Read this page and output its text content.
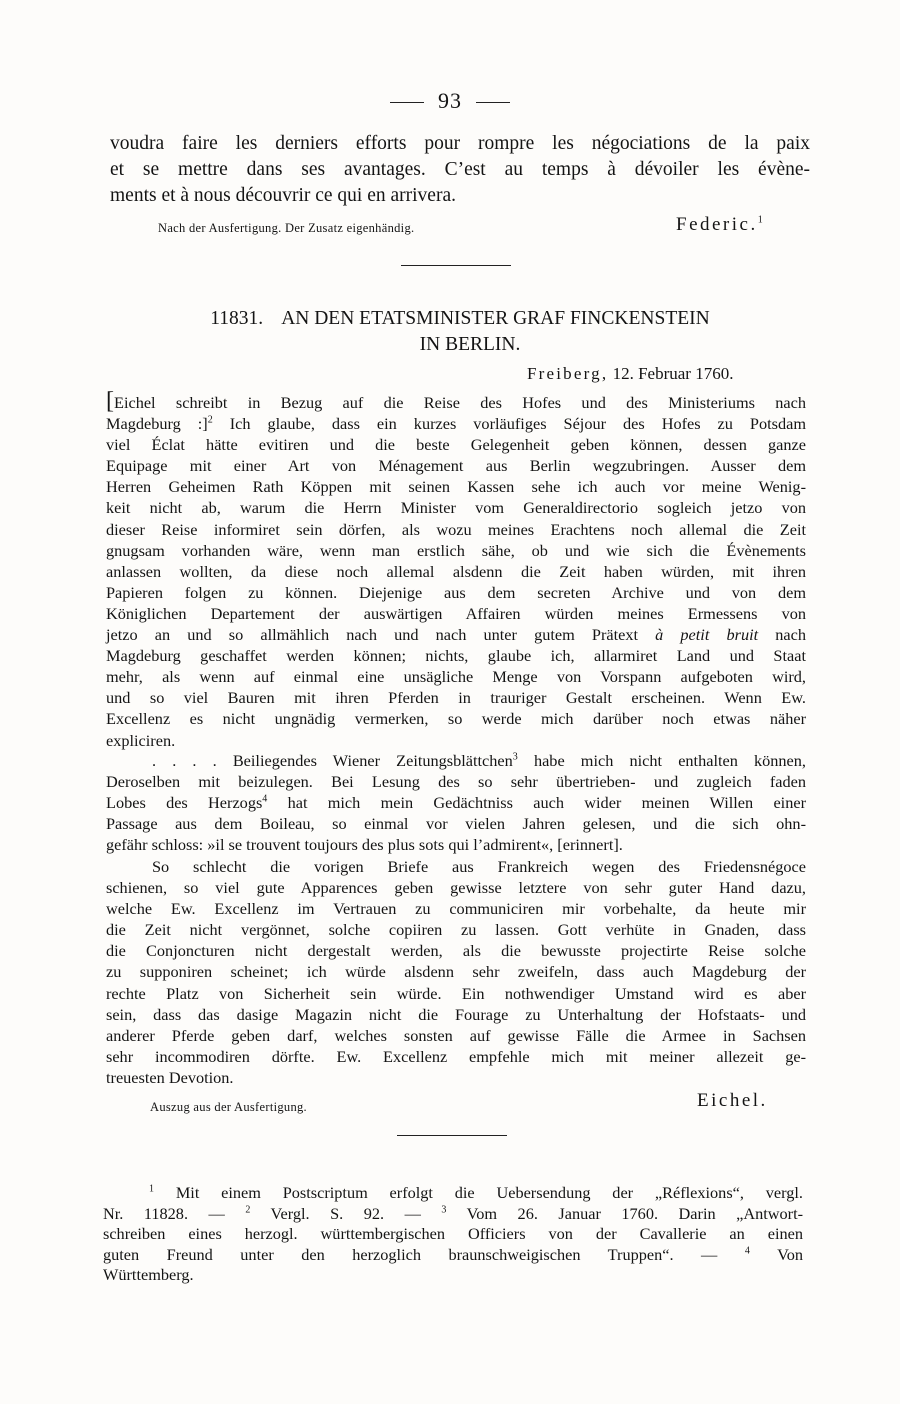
93
voudra faire les derniers efforts pour rompre les négociations de la paix
et se mettre dans ses avantages. C’est au temps à dévoiler les évène-
ments et à nous découvrir ce qui en arrivera.
Nach der Ausfertigung. Der Zusatz eigenhändig.	Federic.$^1$
11831. AN DEN ETATSMINISTER GRAF FINCKENSTEIN
IN BERLIN.
Freiberg, 12. Februar 1760.
[Eichel schreibt in Bezug auf die Reise des Hofes und des Ministeriums nach
Magdeburg :]$^2$ Ich glaube, dass ein kurzes vorläufiges Séjour des Hofes zu Potsdam
viel Éclat hätte evitiren und die beste Gelegenheit geben können, dessen ganze
Equipage mit einer Art von Ménagement aus Berlin wegzubringen. Ausser dem
Herren Geheimen Rath Köppen mit seinen Kassen sehe ich auch vor meine Wenig-
keit nicht ab, warum die Herrn Minister vom Generaldirectorio sogleich jetzo von
dieser Reise informiret sein dörfen, als wozu meines Erachtens noch allemal die Zeit
gnugsam vorhanden wäre, wenn man erstlich sähe, ob und wie sich die Évènements
anlassen wollten, da diese noch allemal alsdenn die Zeit haben würden, mit ihren
Papieren folgen zu können. Diejenige aus dem secreten Archive und von dem
Königlichen Departement der auswärtigen Affairen würden meines Ermessens von
jetzo an und so allmählich nach und nach unter gutem Prätext à petit bruit nach
Magdeburg geschaffet werden können; nichts, glaube ich, allarmiret Land und Staat
mehr, als wenn auf einmal eine unsägliche Menge von Vorspann aufgeboten wird,
und so viel Bauren mit ihren Pferden in trauriger Gestalt erscheinen. Wenn Ew.
Excellenz es nicht ungnädig vermerken, so werde mich darüber noch etwas näher
expliciren.
. . . . Beiliegendes Wiener Zeitungsblättchen$^3$ habe mich nicht enthalten können,
Deroselben mit beizulegen. Bei Lesung des so sehr übertrieben- und zugleich faden
Lobes des Herzogs$^4$ hat mich mein Gedächtniss auch wider meinen Willen einer
Passage aus dem Boileau, so einmal vor vielen Jahren gelesen, und die sich ohn-
gefähr schloss: »il se trouvent toujours des plus sots qui l’admirent«, [erinnert].
So schlecht die vorigen Briefe aus Frankreich wegen des Friedensnégoce
schienen, so viel gute Apparences geben gewisse letztere von sehr guter Hand dazu,
welche Ew. Excellenz im Vertrauen zu communiciren mir vorbehalte, da heute mir
die Zeit nicht vergönnet, solche copiiren zu lassen. Gott verhüte in Gnaden, dass
die Conjoncturen nicht dergestalt werden, als die bewusste projectirte Reise solche
zu supponiren scheinet; ich würde alsdenn sehr zweifeln, dass auch Magdeburg der
rechte Platz von Sicherheit sein würde. Ein nothwendiger Umstand wird es aber
sein, dass das dasige Magazin nicht die Fourage zu Unterhaltung der Hofstaats- und
anderer Pferde geben darf, welches sonsten auf gewisse Fälle die Armee in Sachsen
sehr incommodiren dörfte. Ew. Excellenz empfehle mich mit meiner allezeit ge-
treuesten Devotion.
Auszug aus der Ausfertigung.	Eichel.
$^1$ Mit einem Postscriptum erfolgt die Uebersendung der „Réflexions“, vergl.
Nr. 11828. — $^2$ Vergl. S. 92. — $^3$ Vom 26. Januar 1760. Darin „Antwort-
schreiben eines herzogl. württembergischen Officiers von der Cavallerie an einen
guten Freund unter den herzoglich braunschweigischen Truppen“. —	$^4$ Von
Württemberg.
